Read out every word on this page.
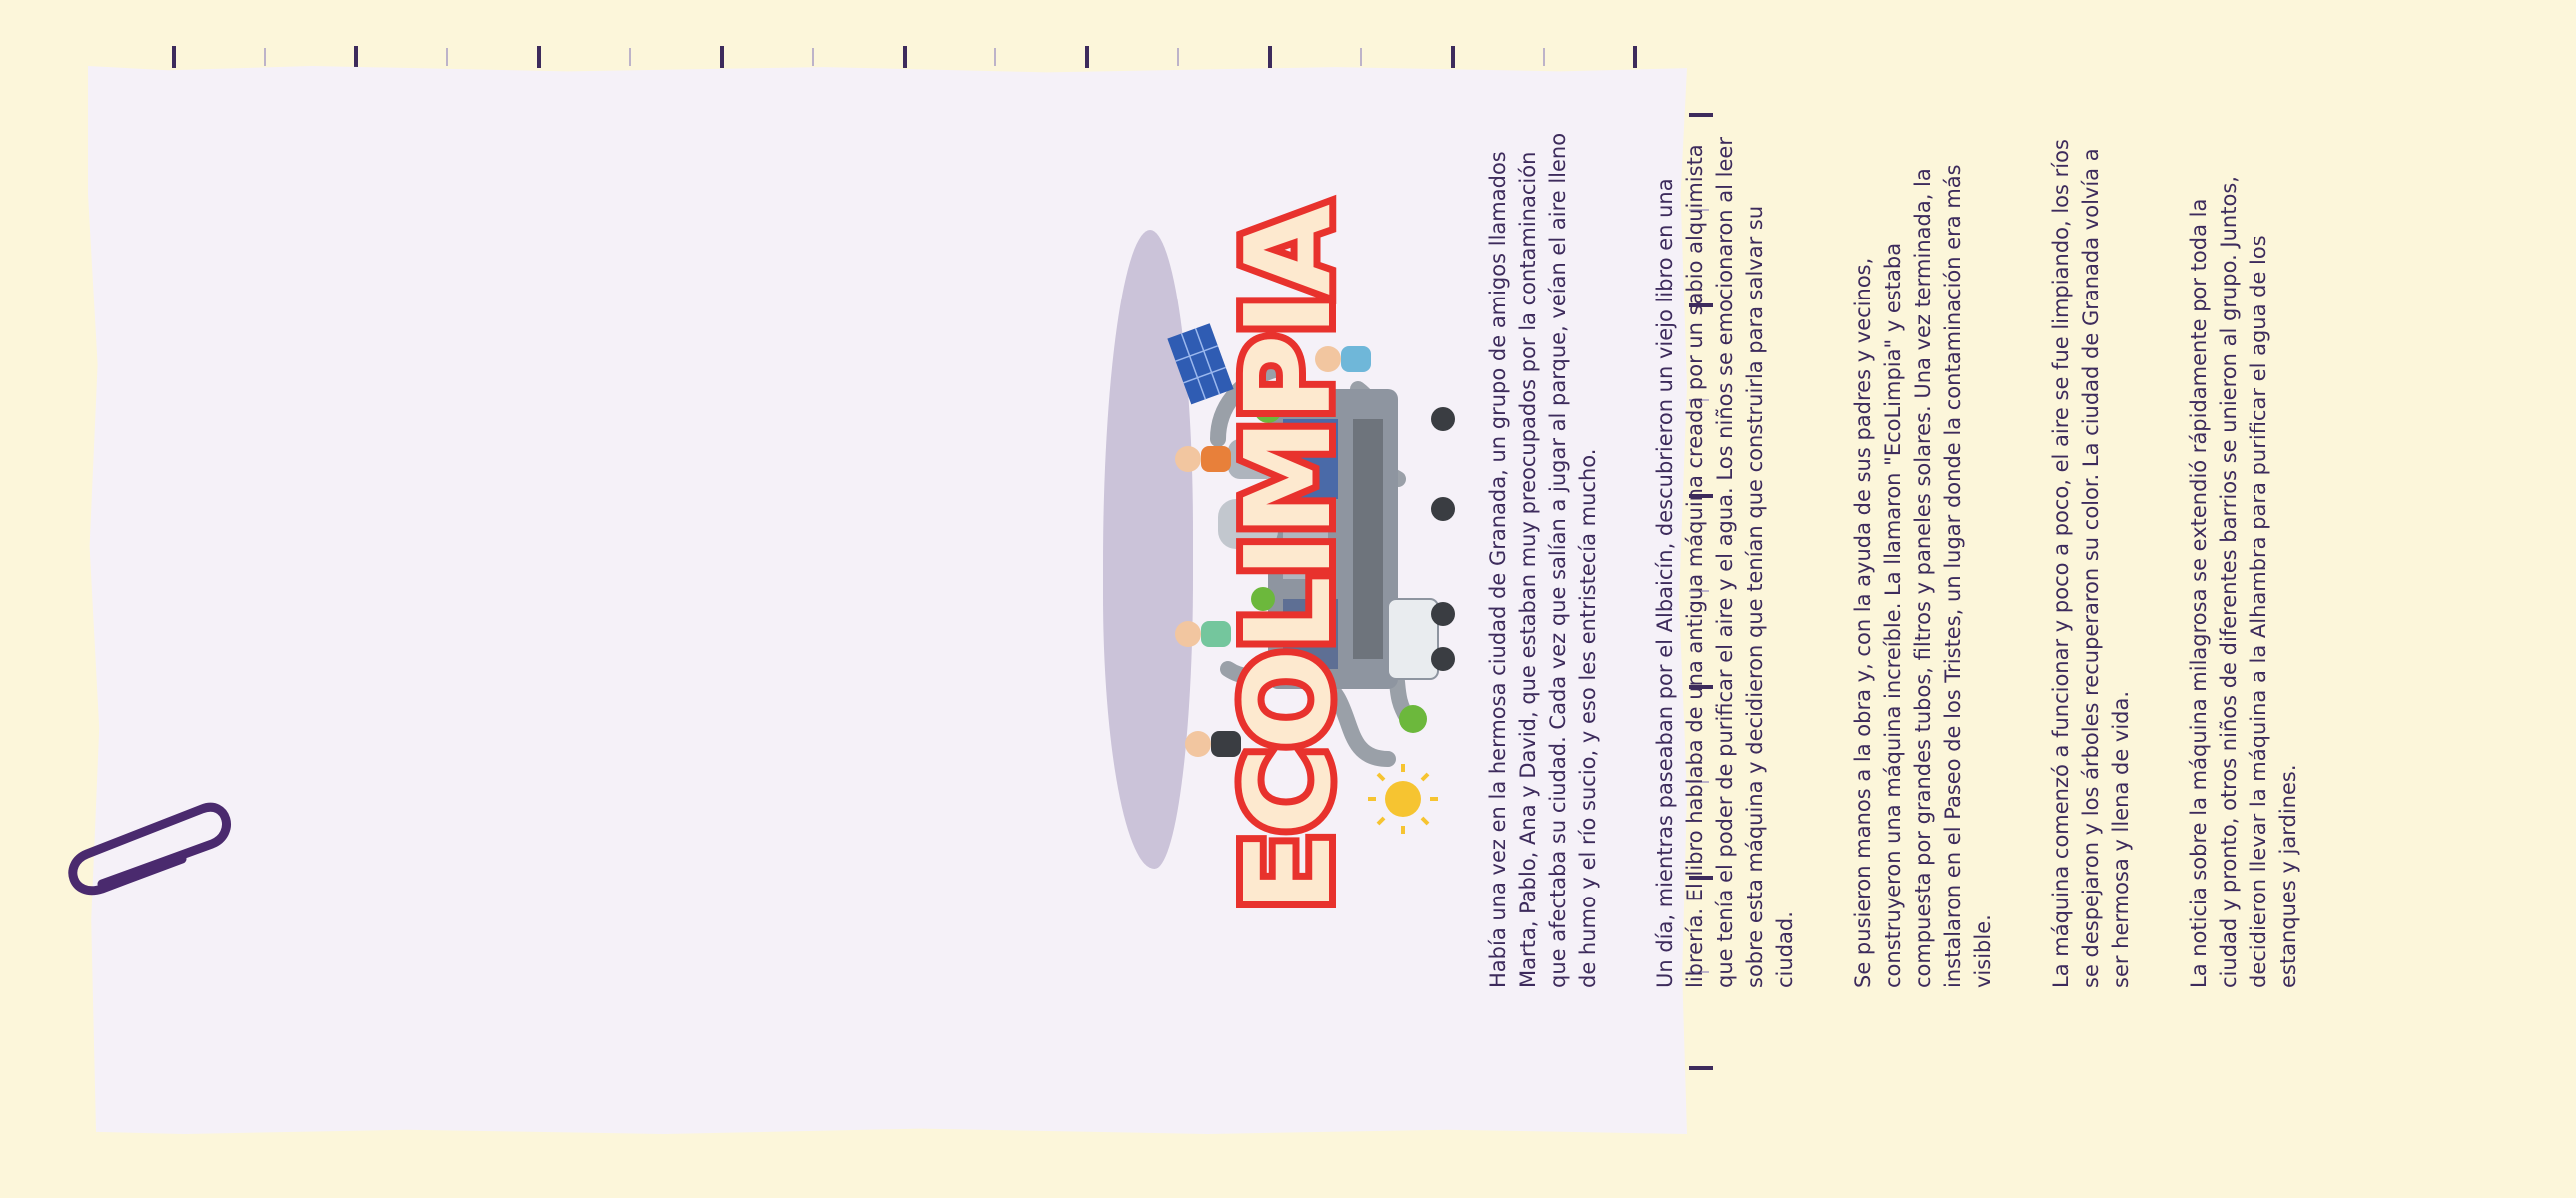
ECOLIMPIA	Había una vez en la hermosa ciudad de Granada, un grupo de amigos llamados Marta, Pablo, Ana y David, que estaban muy preocupados por la contaminación que afectaba su ciudad. Cada vez que salían a jugar al parque, veían el aire lleno de humo y el río sucio, y eso les entristecía mucho.	Un día, mientras paseaban por el Albaicín, descubrieron un viejo libro en una librería. El libro hablaba de una antigua máquina creada por un sabio alquimista que tenía el poder de purificar el aire y el agua. Los niños se emocionaron al leer sobre esta máquina y decidieron que tenían que construirla para salvar su ciudad.	Se pusieron manos a la obra y, con la ayuda de sus padres y vecinos, construyeron una máquina increíble. La llamaron "EcoLimpia" y estaba compuesta por grandes tubos, filtros y paneles solares. Una vez terminada, la instalaron en el Paseo de los Tristes, un lugar donde la contaminación era más visible.	La máquina comenzó a funcionar y poco a poco, el aire se fue limpiando, los ríos se despejaron y los árboles recuperaron su color. La ciudad de Granada volvía a ser hermosa y llena de vida.	La noticia sobre la máquina milagrosa se extendió rápidamente por toda la ciudad y pronto, otros niños de diferentes barrios se unieron al grupo. Juntos, decidieron llevar la máquina a la Alhambra para purificar el agua de los estanques y jardines.
